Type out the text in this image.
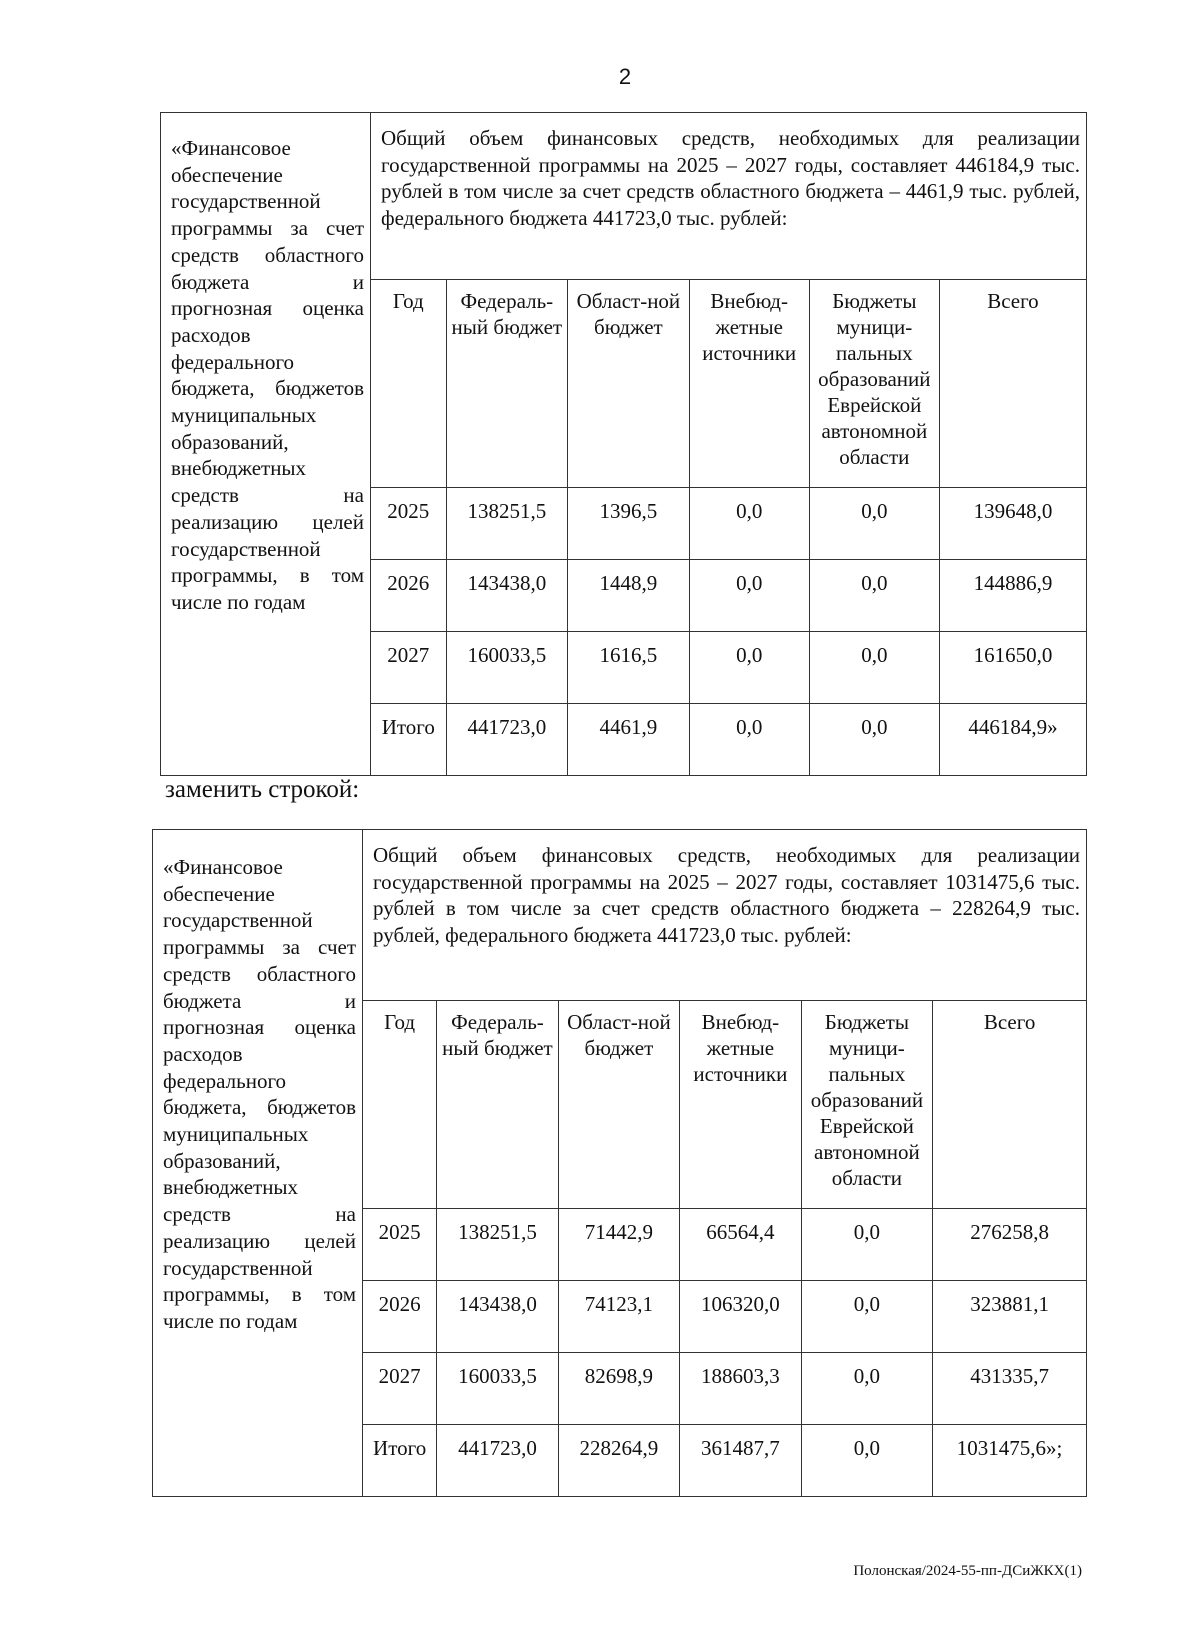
2
«Финансовое обеспечение государственной программы за счет средств областного бюджета и прогнозная оценка расходов федерального бюджета, бюджетов муниципальных образований, внебюджетных средств на реализацию целей государственной программы, в том числе по годам
Общий объем финансовых средств, необходимых для реализации государственной программы на 2025 – 2027 годы, составляет 446184,9 тыс. рублей в том числе за счет средств областного бюджета – 4461,9 тыс. рублей, федерального бюджета 441723,0 тыс. рублей:
Год	Федераль-ный бюджет	Област-ной бюджет	Внебюд-жетные источники	Бюджеты муници-пальных образований Еврейской автономной области	Всего
2025	138251,5	1396,5	0,0	0,0	139648,0
2026	143438,0	1448,9	0,0	0,0	144886,9
2027	160033,5	1616,5	0,0	0,0	161650,0
Итого	441723,0	4461,9	0,0	0,0	446184,9»
заменить строкой:
«Финансовое обеспечение государственной программы за счет средств областного бюджета и прогнозная оценка расходов федерального бюджета, бюджетов муниципальных образований, внебюджетных средств на реализацию целей государственной программы, в том числе по годам
Общий объем финансовых средств, необходимых для реализации государственной программы на 2025 – 2027 годы, составляет 1031475,6 тыс. рублей в том числе за счет средств областного бюджета – 228264,9 тыс. рублей, федерального бюджета 441723,0 тыс. рублей:
Год	Федераль-ный бюджет	Област-ной бюджет	Внебюд-жетные источники	Бюджеты муници-пальных образований Еврейской автономной области	Всего
2025	138251,5	71442,9	66564,4	0,0	276258,8
2026	143438,0	74123,1	106320,0	0,0	323881,1
2027	160033,5	82698,9	188603,3	0,0	431335,7
Итого	441723,0	228264,9	361487,7	0,0	1031475,6»;
Полонская/2024-55-пп-ДСиЖКХ(1)
